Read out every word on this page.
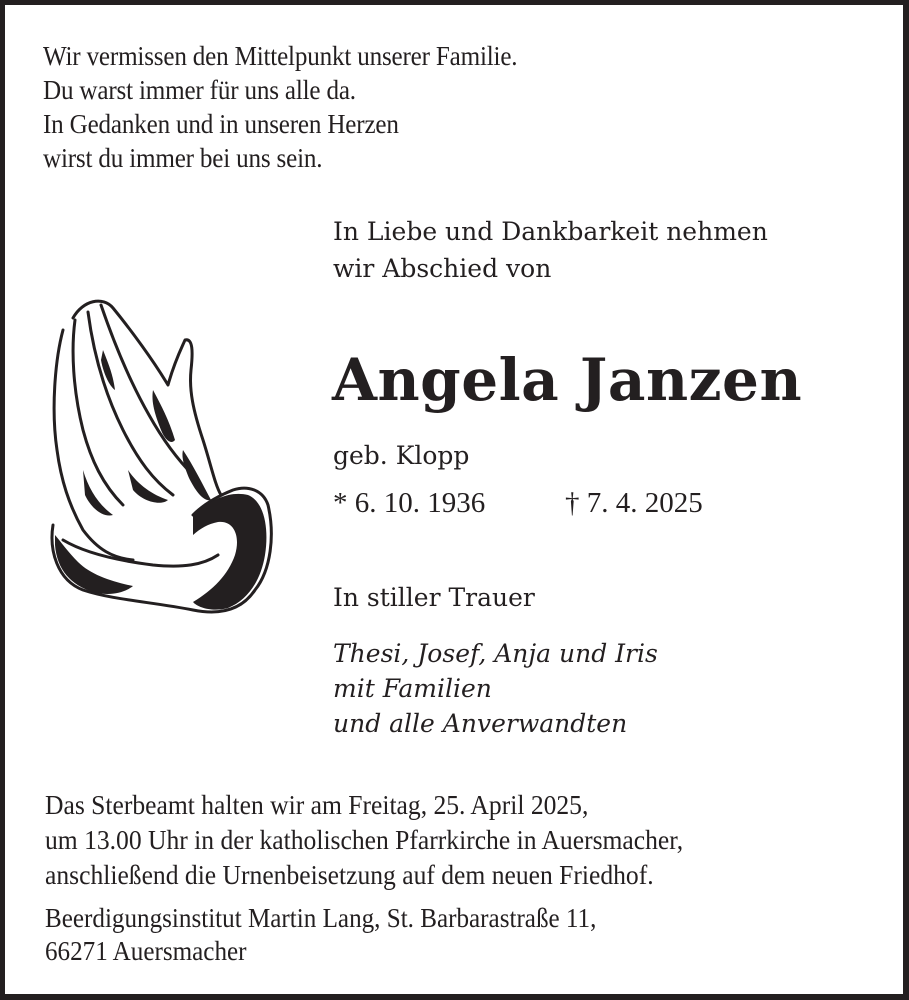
Wir vermissen den Mittelpunkt unserer Familie.
Du warst immer für uns alle da.
In Gedanken und in unseren Herzen
wirst du immer bei uns sein.
In Liebe und Dankbarkeit nehmen
wir Abschied von
Angela Janzen
geb. Klopp
* 6. 10. 1936	† 7. 4. 2025
In stiller Trauer
Thesi, Josef, Anja und Iris
mit Familien
und alle Anverwandten
Das Sterbeamt halten wir am Freitag, 25. April 2025,
um 13.00 Uhr in der katholischen Pfarrkirche in Auersmacher,
anschließend die Urnenbeisetzung auf dem neuen Friedhof.
Beerdigungsinstitut Martin Lang, St. Barbarastraße 11,
66271 Auersmacher
